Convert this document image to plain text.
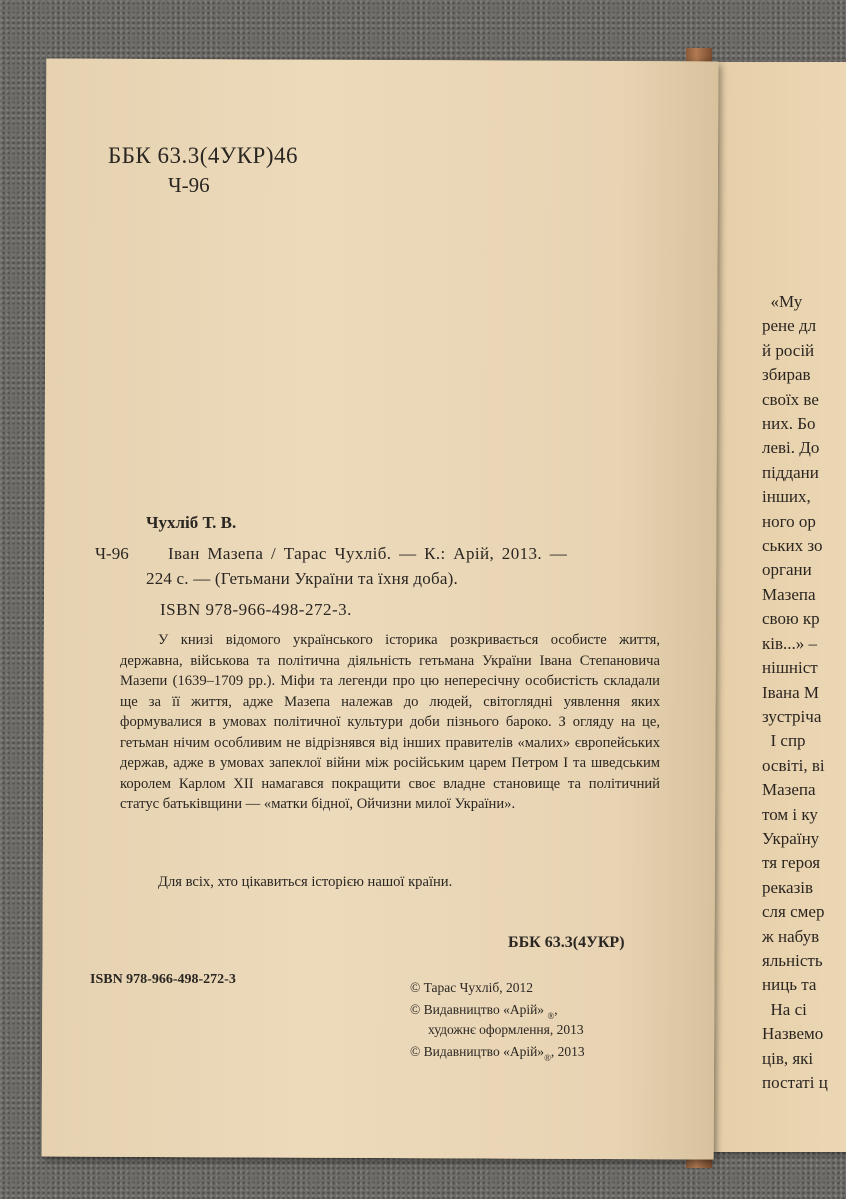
«Му
рене дл
й росій
збирав
своїх ве
них. Бо
леві. До
піддани
інших,
ного ор
ських зо
органи
Мазепа
свою кр
ків...» –
нішніст
Івана М
зустріча
І спр
освіті, ві
Мазепа
том і ку
Україну
тя героя
реказів
сля смер
ж набув
яльність
ниць та
На сі
Назвемо
ців, які
постаті ц
ББК 63.3(4УКР)46
Ч-96
Чухліб Т. В.
Ч-96 Іван Мазепа / Тарас Чухліб. — К.: Арій, 2013. —
224 с. — (Гетьмани України та їхня доба).
ISBN 978-966-498-272-3.

У книзі відомого українського історика розкривається особисте життя, державна, військова та політична діяльність гетьмана України Івана Степановича Мазепи (1639–1709 рр.). Міфи та легенди про цю непересічну особистість складали ще за її життя, адже Мазепа належав до людей, світоглядні уявлення яких формувалися в умовах політичної культури доби пізнього бароко. З огляду на це, гетьман нічим особливим не відрізнявся від інших правителів «малих» європейських держав, адже в умовах запеклої війни між російським царем Петром І та шведським королем Карлом XII намагався покращити своє владне становище та політичний статус батьківщини — «матки бідної, Ойчизни милої України».

Для всіх, хто цікавиться історією нашої країни.
ББК 63.3(4УКР)
ISBN 978-966-498-272-3
© Тарас Чухліб, 2012
© Видавництво «Арій» $_®$,
художнє оформлення, 2013
© Видавництво «$Арій»_®$, 2013
